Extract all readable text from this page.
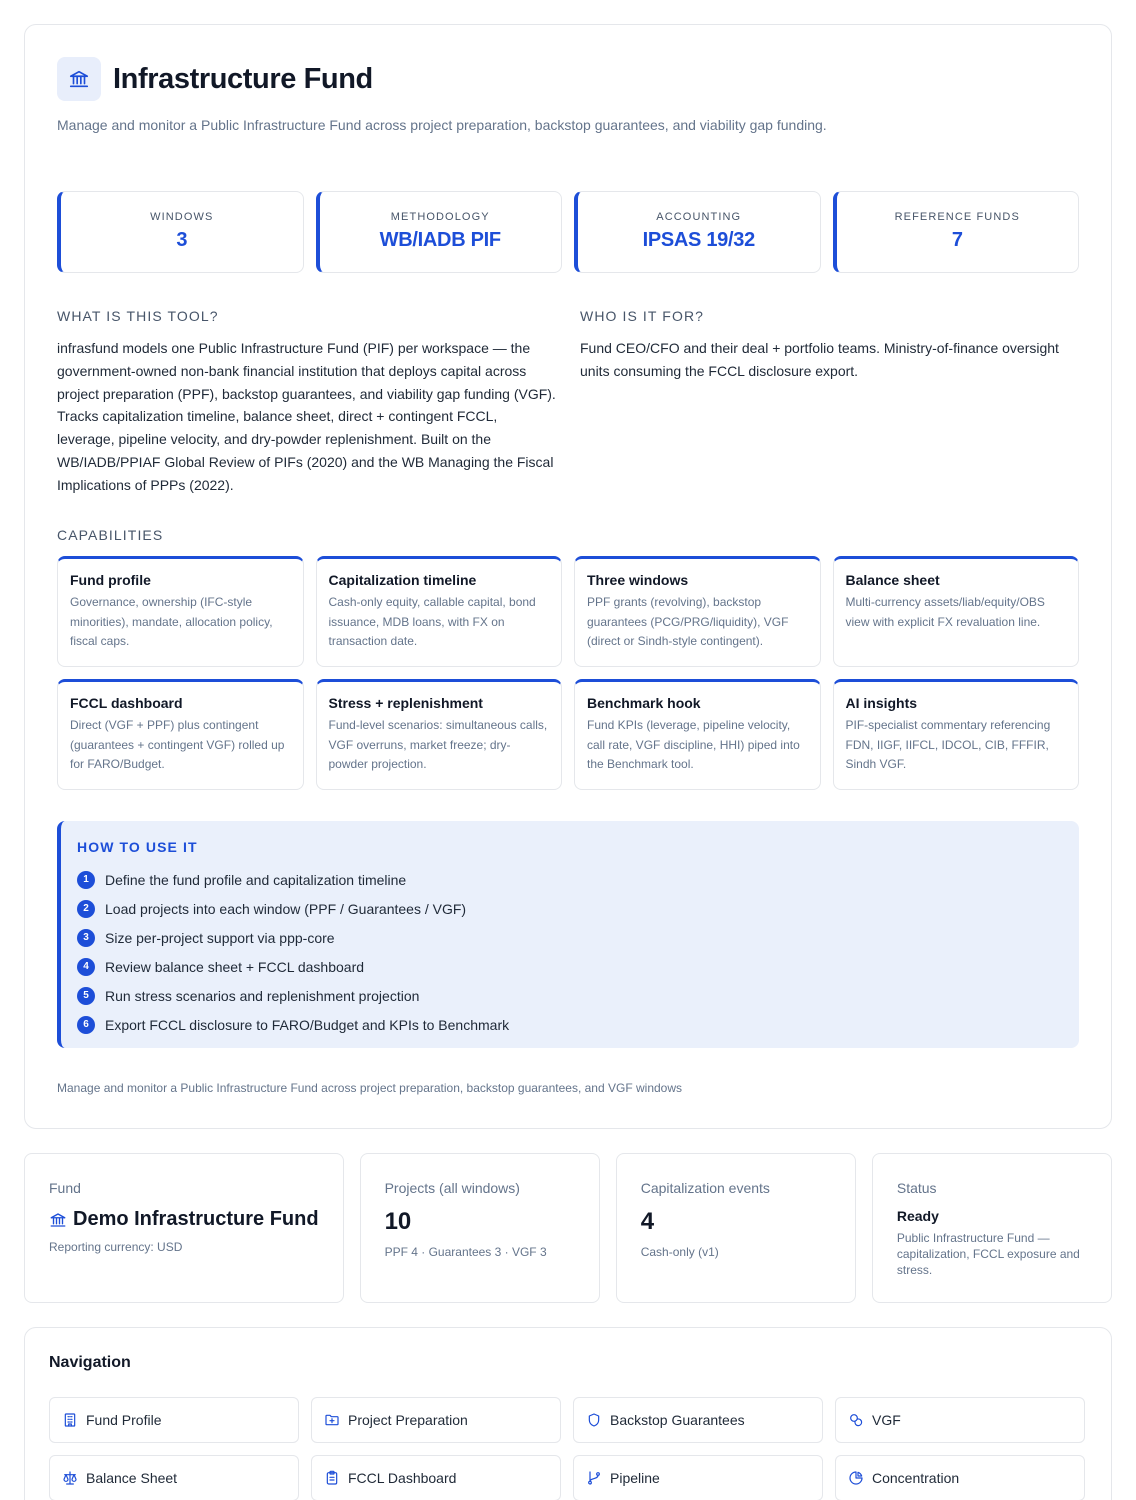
Infrastructure Fund

Manage and monitor a Public Infrastructure Fund across project preparation, backstop guarantees, and viability gap funding.

WINDOWS
3
METHODOLOGY
WB/IADB PIF
ACCOUNTING
IPSAS 19/32
REFERENCE FUNDS
7
WHAT IS THIS TOOL?

infrasfund models one Public Infrastructure Fund (PIF) per workspace — the government-owned non-bank financial institution that deploys capital across project preparation (PPF), backstop guarantees, and viability gap funding (VGF). Tracks capitalization timeline, balance sheet, direct + contingent FCCL, leverage, pipeline velocity, and dry-powder replenishment. Built on the WB/IADB/PPIAF Global Review of PIFs (2020) and the WB Managing the Fiscal Implications of PPPs (2022).

WHO IS IT FOR?

Fund CEO/CFO and their deal + portfolio teams. Ministry-of-finance oversight units consuming the FCCL disclosure export.

CAPABILITIES
Fund profile
Governance, ownership (IFC-style minorities), mandate, allocation policy, fiscal caps.
Capitalization timeline
Cash-only equity, callable capital, bond issuance, MDB loans, with FX on transaction date.
Three windows
PPF grants (revolving), backstop guarantees (PCG/PRG/liquidity), VGF (direct or Sindh-style contingent).
Balance sheet
Multi-currency assets/liab/equity/OBS view with explicit FX revaluation line.
FCCL dashboard
Direct (VGF + PPF) plus contingent (guarantees + contingent VGF) rolled up for FARO/Budget.
Stress + replenishment
Fund-level scenarios: simultaneous calls, VGF overruns, market freeze; dry-powder projection.
Benchmark hook
Fund KPIs (leverage, pipeline velocity, call rate, VGF discipline, HHI) piped into the Benchmark tool.
AI insights
PIF-specialist commentary referencing FDN, IIGF, IIFCL, IDCOL, CIB, FFFIR, Sindh VGF.
HOW TO USE IT
1	Define the fund profile and capitalization timeline
2	Load projects into each window (PPF / Guarantees / VGF)
3	Size per-project support via ppp-core
4	Review balance sheet + FCCL dashboard
5	Run stress scenarios and replenishment projection
6	Export FCCL disclosure to FARO/Budget and KPIs to Benchmark

Manage and monitor a Public Infrastructure Fund across project preparation, backstop guarantees, and VGF windows

Fund
Demo Infrastructure Fund
Reporting currency: USD
Projects (all windows)
10
PPF 4 · Guarantees 3 · VGF 3
Capitalization events
4
Cash-only (v1)
Status
Ready
Public Infrastructure Fund — capitalization, FCCL exposure and stress.
Navigation
Fund Profile	Project Preparation	Backstop Guarantees	VGF
Balance Sheet	FCCL Dashboard	Pipeline	Concentration
